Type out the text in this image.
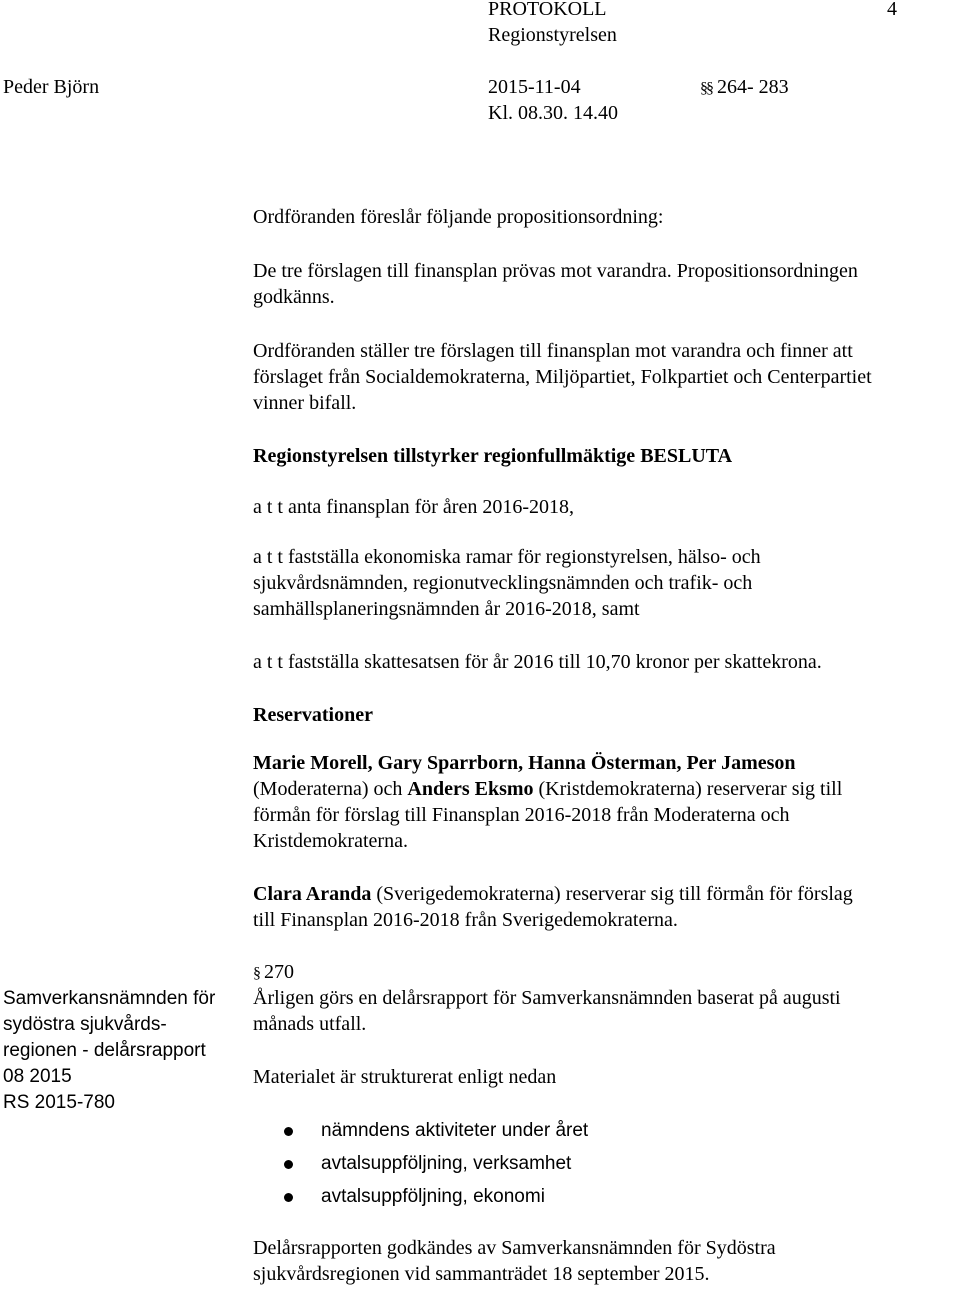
PROTOKOLL	4
Regionstyrelsen
Peder Björn	2015-11-04	§§ 264- 283
Kl. 08.30. 14.40
Ordföranden föreslår följande propositionsordning:
De tre förslagen till finansplan prövas mot varandra. Propositionsordningen
godkänns.
Ordföranden ställer tre förslagen till finansplan mot varandra och finner att
förslaget från Socialdemokraterna, Miljöpartiet, Folkpartiet och Centerpartiet
vinner bifall.
Regionstyrelsen tillstyrker regionfullmäktige BESLUTA
a t t anta finansplan för åren 2016-2018,
a t t fastställa ekonomiska ramar för regionstyrelsen, hälso- och
sjukvårdsnämnden, regionutvecklingsnämnden och trafik- och
samhällsplaneringsnämnden år 2016-2018, samt
a t t fastställa skattesatsen för år 2016 till 10,70 kronor per skattekrona.
Reservationer
Marie Morell, Gary Sparrborn, Hanna Österman, Per Jameson
(Moderaterna) och Anders Eksmo (Kristdemokraterna) reserverar sig till
förmån för förslag till Finansplan 2016-2018 från Moderaterna och
Kristdemokraterna.
Clara Aranda (Sverigedemokraterna) reserverar sig till förmån för förslag
till Finansplan 2016-2018 från Sverigedemokraterna.
§ 270
Samverkansnämnden för
sydöstra sjukvårds-
regionen - delårsrapport
08 2015
RS 2015-780
Årligen görs en delårsrapport för Samverkansnämnden baserat på augusti
månads utfall.
Materialet är strukturerat enligt nedan
nämndens aktiviteter under året
avtalsuppföljning, verksamhet
avtalsuppföljning, ekonomi
Delårsrapporten godkändes av Samverkansnämnden för Sydöstra
sjukvårdsregionen vid sammanträdet 18 september 2015.
